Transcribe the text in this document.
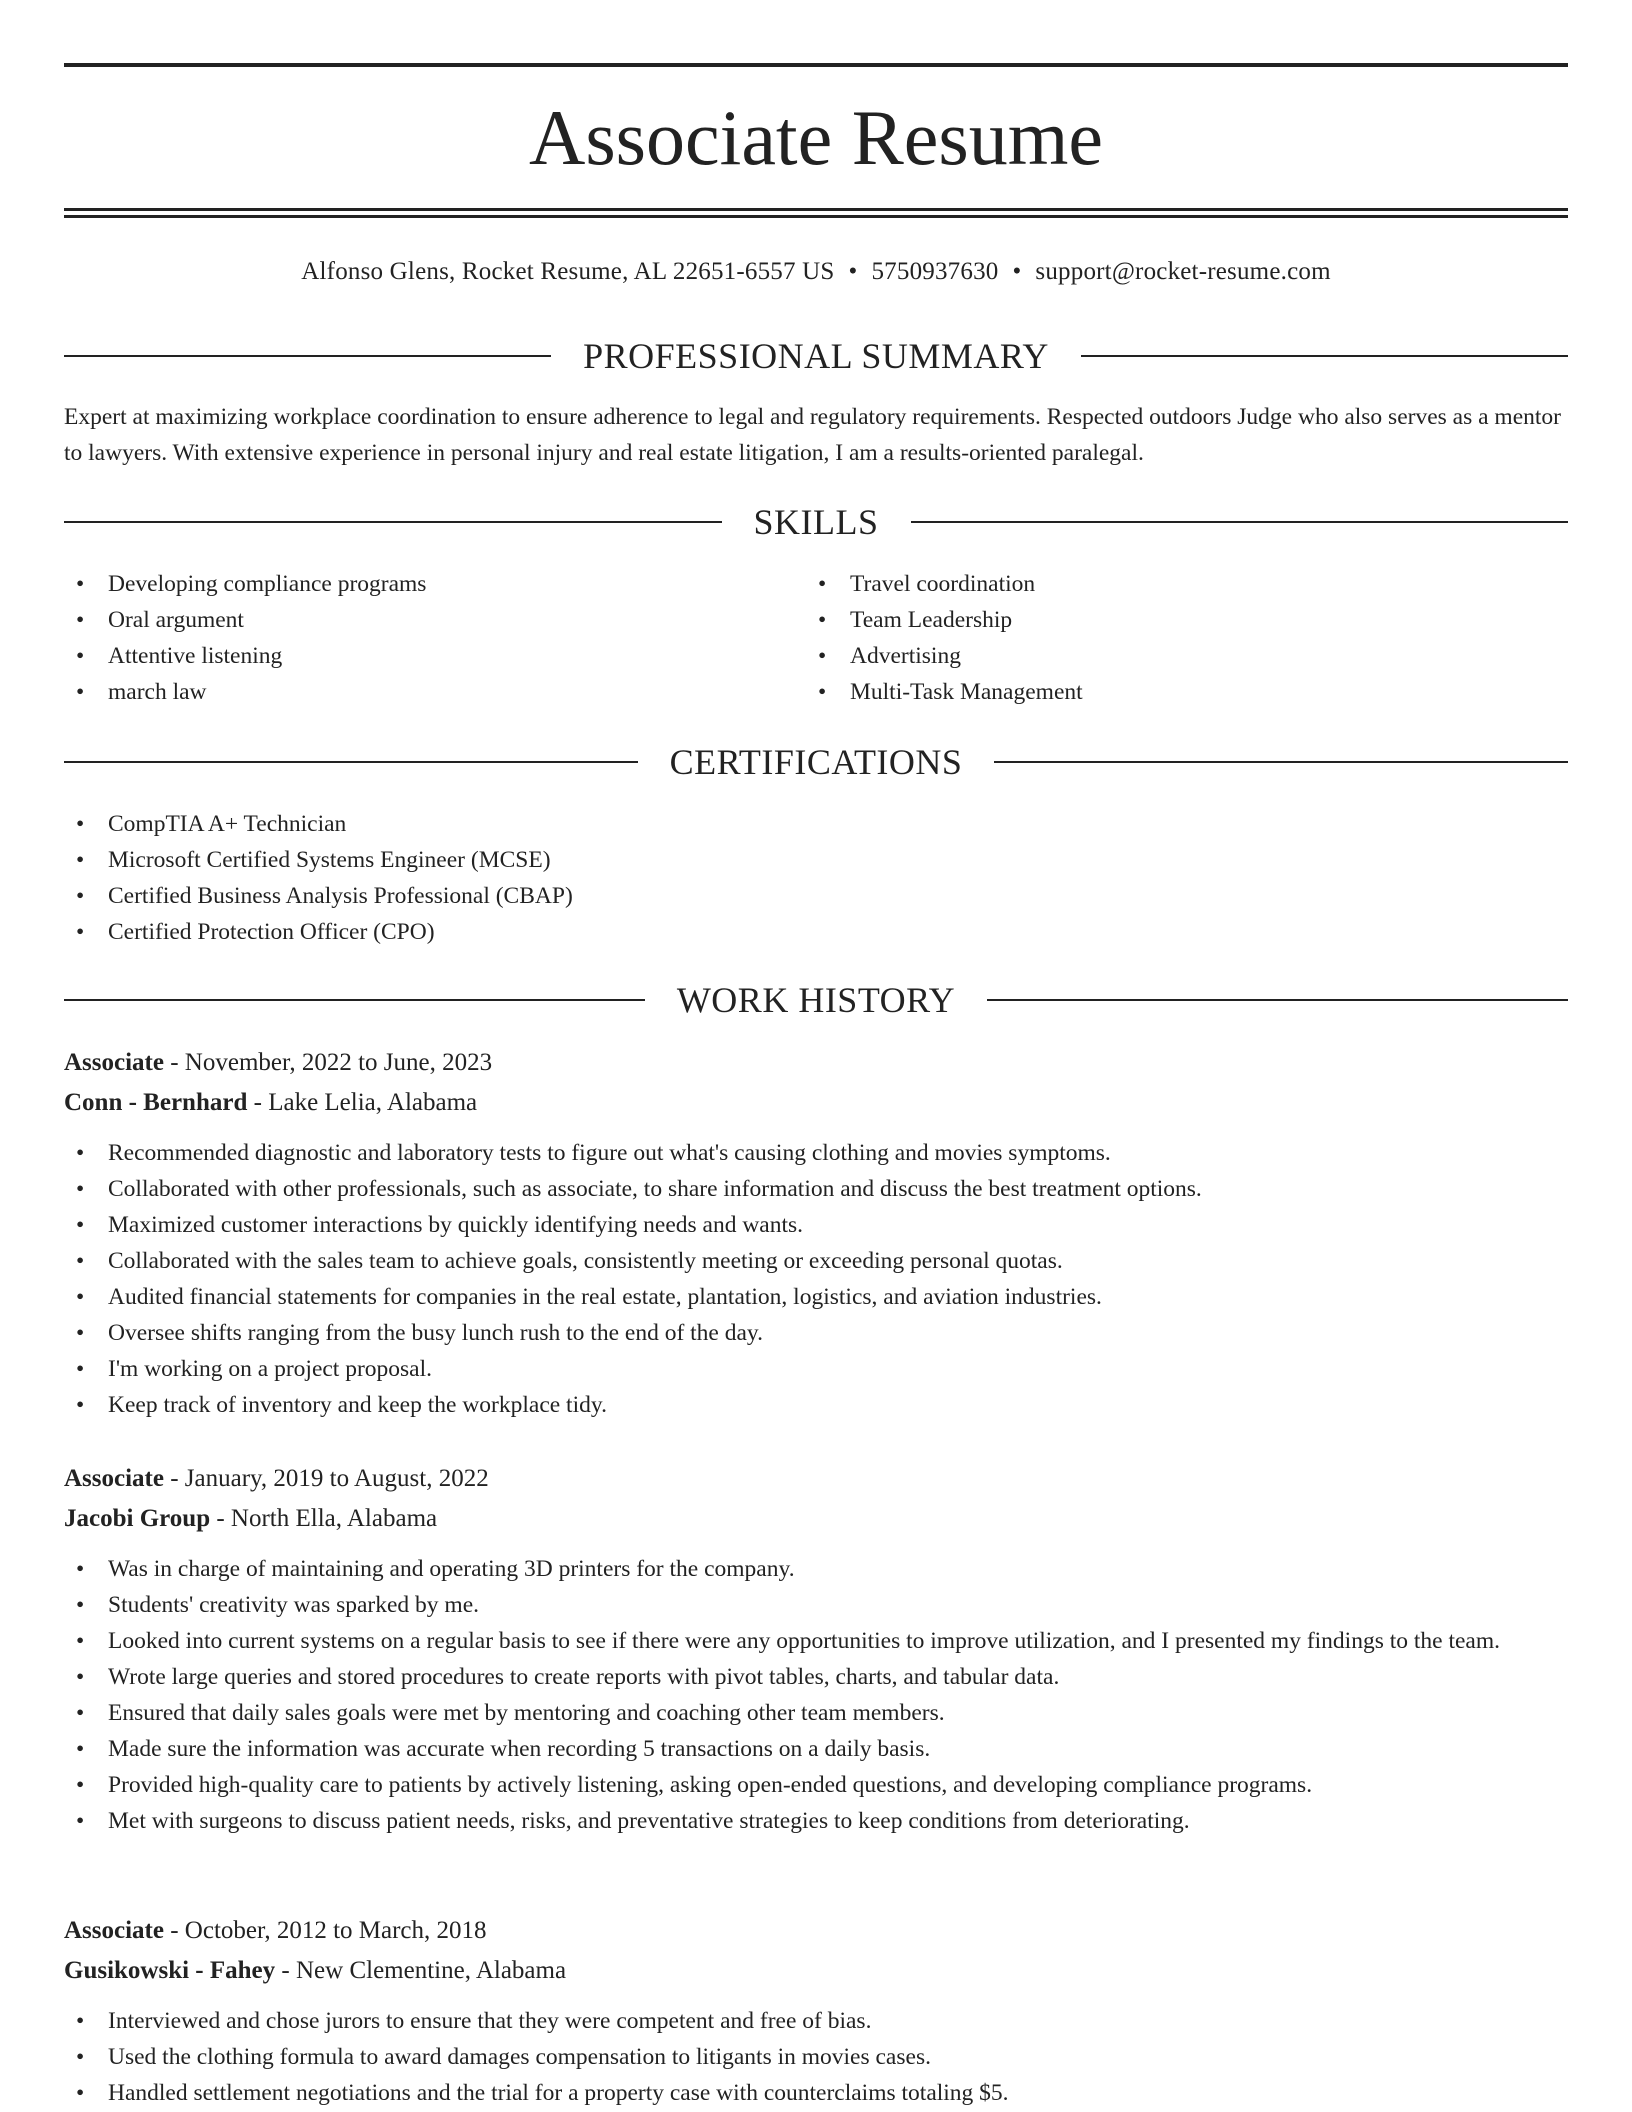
Associate Resume
Alfonso Glens, Rocket Resume, AL 22651-6557 US • 5750937630 • support@rocket-resume.com
PROFESSIONAL SUMMARY

Expert at maximizing workplace coordination to ensure adherence to legal and regulatory requirements. Respected outdoors Judge who also serves as a mentor to lawyers. With extensive experience in personal injury and real estate litigation, I am a results-oriented paralegal.

SKILLS
• Developing compliance programs
• Oral argument
• Attentive listening
• march law
• Travel coordination
• Team Leadership
• Advertising
• Multi-Task Management
CERTIFICATIONS
• CompTIA A+ Technician
• Microsoft Certified Systems Engineer (MCSE)
• Certified Business Analysis Professional (CBAP)
• Certified Protection Officer (CPO)
WORK HISTORY
Associate - November, 2022 to June, 2023
Conn - Bernhard - Lake Lelia, Alabama
• Recommended diagnostic and laboratory tests to figure out what's causing clothing and movies symptoms.
• Collaborated with other professionals, such as associate, to share information and discuss the best treatment options.
• Maximized customer interactions by quickly identifying needs and wants.
• Collaborated with the sales team to achieve goals, consistently meeting or exceeding personal quotas.
• Audited financial statements for companies in the real estate, plantation, logistics, and aviation industries.
• Oversee shifts ranging from the busy lunch rush to the end of the day.
• I'm working on a project proposal.
• Keep track of inventory and keep the workplace tidy.
Associate - January, 2019 to August, 2022
Jacobi Group - North Ella, Alabama
• Was in charge of maintaining and operating 3D printers for the company.
• Students' creativity was sparked by me.
• Looked into current systems on a regular basis to see if there were any opportunities to improve utilization, and I presented my findings to the team.
• Wrote large queries and stored procedures to create reports with pivot tables, charts, and tabular data.
• Ensured that daily sales goals were met by mentoring and coaching other team members.
• Made sure the information was accurate when recording 5 transactions on a daily basis.
• Provided high-quality care to patients by actively listening, asking open-ended questions, and developing compliance programs.
• Met with surgeons to discuss patient needs, risks, and preventative strategies to keep conditions from deteriorating.
Associate - October, 2012 to March, 2018
Gusikowski - Fahey - New Clementine, Alabama
• Interviewed and chose jurors to ensure that they were competent and free of bias.
• Used the clothing formula to award damages compensation to litigants in movies cases.
• Handled settlement negotiations and the trial for a property case with counterclaims totaling $5.
